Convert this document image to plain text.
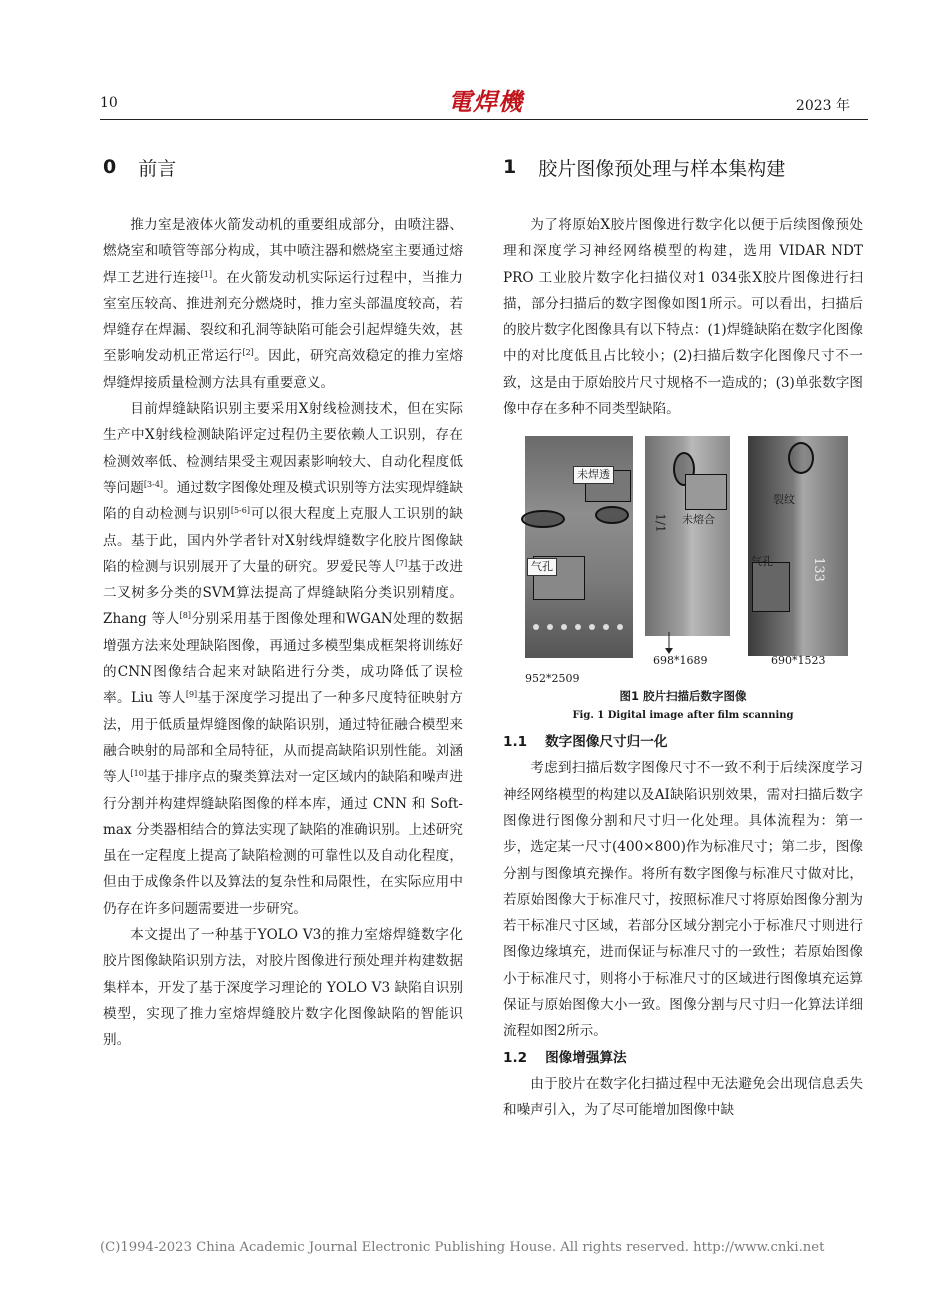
10	電焊機	2023 年
0 前言

推力室是液体火箭发动机的重要组成部分，由喷注器、燃烧室和喷管等部分构成，其中喷注器和燃烧室主要通过熔焊工艺进行连接[1]。在火箭发动机实际运行过程中，当推力室室压较高、推进剂充分燃烧时，推力室头部温度较高，若焊缝存在焊漏、裂纹和孔洞等缺陷可能会引起焊缝失效，甚至影响发动机正常运行[2]。因此，研究高效稳定的推力室熔焊缝焊接质量检测方法具有重要意义。

目前焊缝缺陷识别主要采用X射线检测技术，但在实际生产中X射线检测缺陷评定过程仍主要依赖人工识别，存在检测效率低、检测结果受主观因素影响较大、自动化程度低等问题[3-4]。通过数字图像处理及模式识别等方法实现焊缝缺陷的自动检测与识别[5-6]可以很大程度上克服人工识别的缺点。基于此，国内外学者针对X射线焊缝数字化胶片图像缺陷的检测与识别展开了大量的研究。罗爱民等人[7]基于改进二叉树多分类的SVM算法提高了焊缝缺陷分类识别精度。Zhang 等人[8]分别采用基于图像处理和WGAN处理的数据增强方法来处理缺陷图像，再通过多模型集成框架将训练好的CNN图像结合起来对缺陷进行分类，成功降低了误检率。Liu 等人[9]基于深度学习提出了一种多尺度特征映射方法，用于低质量焊缝图像的缺陷识别，通过特征融合模型来融合映射的局部和全局特征，从而提高缺陷识别性能。刘涵等人[10]基于排序点的聚类算法对一定区域内的缺陷和噪声进行分割并构建焊缝缺陷图像的样本库，通过 CNN 和 Soft-max 分类器相结合的算法实现了缺陷的准确识别。上述研究虽在一定程度上提高了缺陷检测的可靠性以及自动化程度，但由于成像条件以及算法的复杂性和局限性，在实际应用中仍存在许多问题需要进一步研究。

本文提出了一种基于YOLO V3的推力室熔焊缝数字化胶片图像缺陷识别方法，对胶片图像进行预处理并构建数据集样本，开发了基于深度学习理论的 YOLO V3 缺陷自识别模型，实现了推力室熔焊缝胶片数字化图像缺陷的智能识别。

1 胶片图像预处理与样本集构建

为了将原始X胶片图像进行数字化以便于后续图像预处理和深度学习神经网络模型的构建，选用 VIDAR NDT PRO 工业胶片数字化扫描仪对1 034张X胶片图像进行扫描，部分扫描后的数字图像如图1所示。可以看出，扫描后的胶片数字化图像具有以下特点：(1)焊缝缺陷在数字化图像中的对比度低且占比较小；(2)扫描后数字化图像尺寸不一致，这是由于原始胶片尺寸规格不一造成的；(3)单张数字图像中存在多种不同类型缺陷。

未焊透
气孔
952*2509
1/1 未熔合
698*1689
裂纹
气孔	133
690*1523
图1 胶片扫描后数字图像
Fig. 1 Digital image after film scanning
1.1 数字图像尺寸归一化

考虑到扫描后数字图像尺寸不一致不利于后续深度学习神经网络模型的构建以及AI缺陷识别效果，需对扫描后数字图像进行图像分割和尺寸归一化处理。具体流程为：第一步，选定某一尺寸(400×800)作为标准尺寸；第二步，图像分割与图像填充操作。将所有数字图像与标准尺寸做对比，若原始图像大于标准尺寸，按照标准尺寸将原始图像分割为若干标准尺寸区域，若部分区域分割完小于标准尺寸则进行图像边缘填充，进而保证与标准尺寸的一致性；若原始图像小于标准尺寸，则将小于标准尺寸的区域进行图像填充运算保证与原始图像大小一致。图像分割与尺寸归一化算法详细流程如图2所示。

1.2 图像增强算法

由于胶片在数字化扫描过程中无法避免会出现信息丢失和噪声引入，为了尽可能增加图像中缺

(C)1994-2023 China Academic Journal Electronic Publishing House. All rights reserved. http://www.cnki.net
